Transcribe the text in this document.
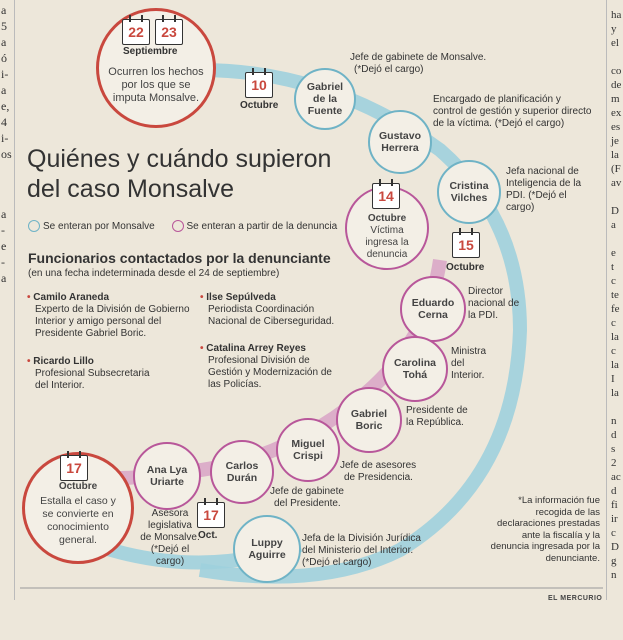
a
5
a
ó
i-
a
e,
4
i-
os
a
-
e
-
a
ha
y
el
co
de
m
ex
es
je
la
(F
av
D
a
e
t
c
te
fe
c
la
c
la
I
la
n
d
s
2
ac
d
fi
ir
c
D
g
n
Ocurren los hechos
por los que se
imputa Monsalve.
22 23
Septiembre
10
Octubre
Gabriel
de la
Fuente
Jefe de gabinete de Monsalve.
(*Dejó el cargo)
Gustavo
Herrera
Encargado de planificación y
control de gestión y superior directo
de la víctima. (*Dejó el cargo)
Cristina
Vilches
Jefa nacional de
Inteligencia de la
PDI. (*Dejó el
cargo)
Quiénes y cuándo supieron
del caso Monsalve
Se enteran por Monsalve	Se enteran a partir de la denuncia
Octubre
Víctima
ingresa la
denuncia
14
15
Octubre
Funcionarios contactados por la denunciante
(en una fecha indeterminada desde el 24 de septiembre)
• Camilo Araneda
Experto de la División de Gobierno
Interior y amigo personal del
Presidente Gabriel Boric.
• Ricardo Lillo
Profesional Subsecretaria
del Interior.
• Ilse Sepúlveda
Periodista Coordinación
Nacional de Ciberseguridad.
• Catalina Arrey Reyes
Profesional División de
Gestión y Modernización de
las Policías.
Eduardo
Cerna
Director
nacional de
la PDI.
Carolina
Tohá
Ministra
del
Interior.
Gabriel
Boric
Presidente de
la República.
Miguel
Crispi
Jefe de asesores
de Presidencia.
Carlos
Durán
Jefe de gabinete
del Presidente.
Ana Lya
Uriarte
Asesora
legislativa
de Monsalve.
(*Dejó el
cargo)
Octubre
Estalla el caso y
se convierte en
conocimiento
general.
17
17
Oct.
Luppy
Aguirre
Jefa de la División Jurídica
del Ministerio del Interior.
(*Dejó el cargo)
*La información fue
recogida de las
declaraciones prestadas
ante la fiscalía y la
denuncia ingresada por la
denunciante.
EL MERCURIO
